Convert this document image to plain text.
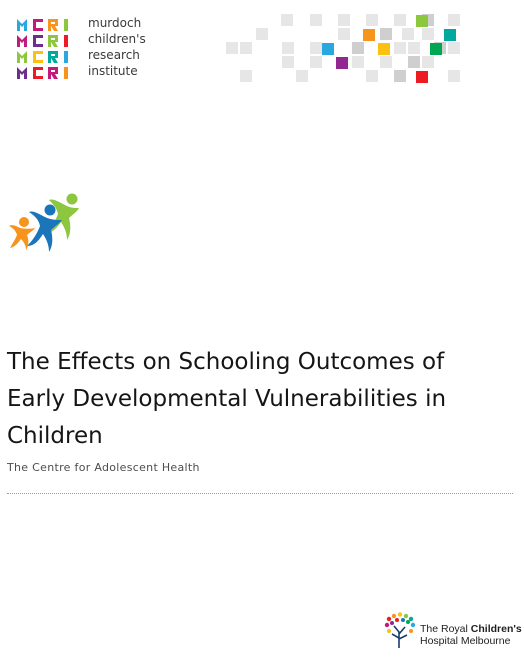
murdoch
children's
research
institute
The Effects on Schooling Outcomes of
Early Developmental Vulnerabilities in
Children

The Centre for Adolescent Health

The Royal Children's
Hospital Melbourne
